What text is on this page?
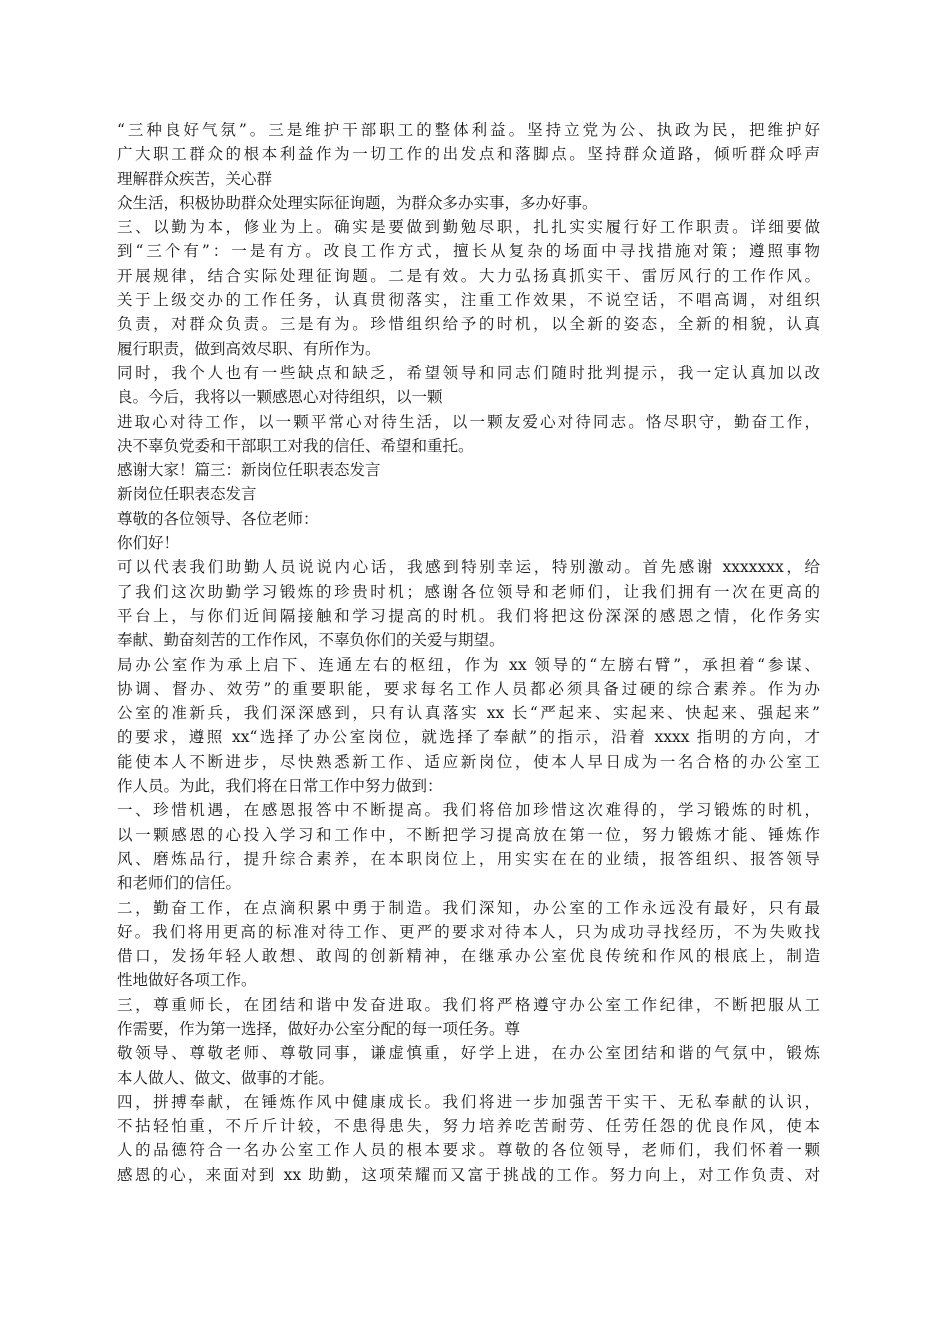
“三种良好气氛”。三是维护干部职工的整体利益。坚持立党为公、执政为民，把维护好
广大职工群众的根本利益作为一切工作的出发点和落脚点。坚持群众道路，倾听群众呼声
理解群众疾苦，关心群
众生活，积极协助群众处理实际征询题，为群众多办实事，多办好事。
三、以勤为本，修业为上。确实是要做到勤勉尽职，扎扎实实履行好工作职责。详细要做
到“三个有”：一是有方。改良工作方式，擅长从复杂的场面中寻找措施对策；遵照事物
开展规律，结合实际处理征询题。二是有效。大力弘扬真抓实干、雷厉风行的工作作风。
关于上级交办的工作任务，认真贯彻落实，注重工作效果，不说空话，不唱高调，对组织
负责，对群众负责。三是有为。珍惜组织给予的时机，以全新的姿态，全新的相貌，认真
履行职责，做到高效尽职、有所作为。
同时，我个人也有一些缺点和缺乏，希望领导和同志们随时批判提示，我一定认真加以改
良。今后，我将以一颗感恩心对待组织，以一颗
进取心对待工作，以一颗平常心对待生活，以一颗友爱心对待同志。恪尽职守，勤奋工作，
决不辜负党委和干部职工对我的信任、希望和重托。
感谢大家！篇三：新岗位任职表态发言
新岗位任职表态发言
尊敬的各位领导、各位老师：
你们好！
可以代表我们助勤人员说说内心话，我感到特别幸运，特别激动。首先感谢 xxxxxxx，给
了我们这次助勤学习锻炼的珍贵时机；感谢各位领导和老师们，让我们拥有一次在更高的
平台上，与你们近间隔接触和学习提高的时机。我们将把这份深深的感恩之情，化作务实
奉献、勤奋刻苦的工作作风，不辜负你们的关爱与期望。
局办公室作为承上启下、连通左右的枢纽，作为 xx 领导的“左膀右臂”，承担着“参谋、
协调、督办、效劳”的重要职能，要求每名工作人员都必须具备过硬的综合素养。作为办
公室的准新兵，我们深深感到，只有认真落实 xx 长“严起来、实起来、快起来、强起来”
的要求，遵照 xx“选择了办公室岗位，就选择了奉献”的指示，沿着 xxxx 指明的方向，才
能使本人不断进步，尽快熟悉新工作、适应新岗位，使本人早日成为一名合格的办公室工
作人员。为此，我们将在日常工作中努力做到：
一、珍惜机遇，在感恩报答中不断提高。我们将倍加珍惜这次难得的，学习锻炼的时机，
以一颗感恩的心投入学习和工作中，不断把学习提高放在第一位，努力锻炼才能、锤炼作
风、磨炼品行，提升综合素养，在本职岗位上，用实实在在的业绩，报答组织、报答领导
和老师们的信任。
二，勤奋工作，在点滴积累中勇于制造。我们深知，办公室的工作永远没有最好，只有最
好。我们将用更高的标准对待工作、更严的要求对待本人，只为成功寻找经历，不为失败找
借口，发扬年轻人敢想、敢闯的创新精神，在继承办公室优良传统和作风的根底上，制造
性地做好各项工作。
三，尊重师长，在团结和谐中发奋进取。我们将严格遵守办公室工作纪律，不断把服从工
作需要，作为第一选择，做好办公室分配的每一项任务。尊
敬领导、尊敬老师、尊敬同事，谦虚慎重，好学上进，在办公室团结和谐的气氛中，锻炼
本人做人、做文、做事的才能。
四，拼搏奉献，在锤炼作风中健康成长。我们将进一步加强苦干实干、无私奉献的认识，
不拈轻怕重，不斤斤计较，不患得患失，努力培养吃苦耐劳、任劳任怨的优良作风，使本
人的品德符合一名办公室工作人员的根本要求。尊敬的各位领导，老师们，我们怀着一颗
感恩的心，来面对到 xx 助勤，这项荣耀而又富于挑战的工作。努力向上，对工作负责、对
